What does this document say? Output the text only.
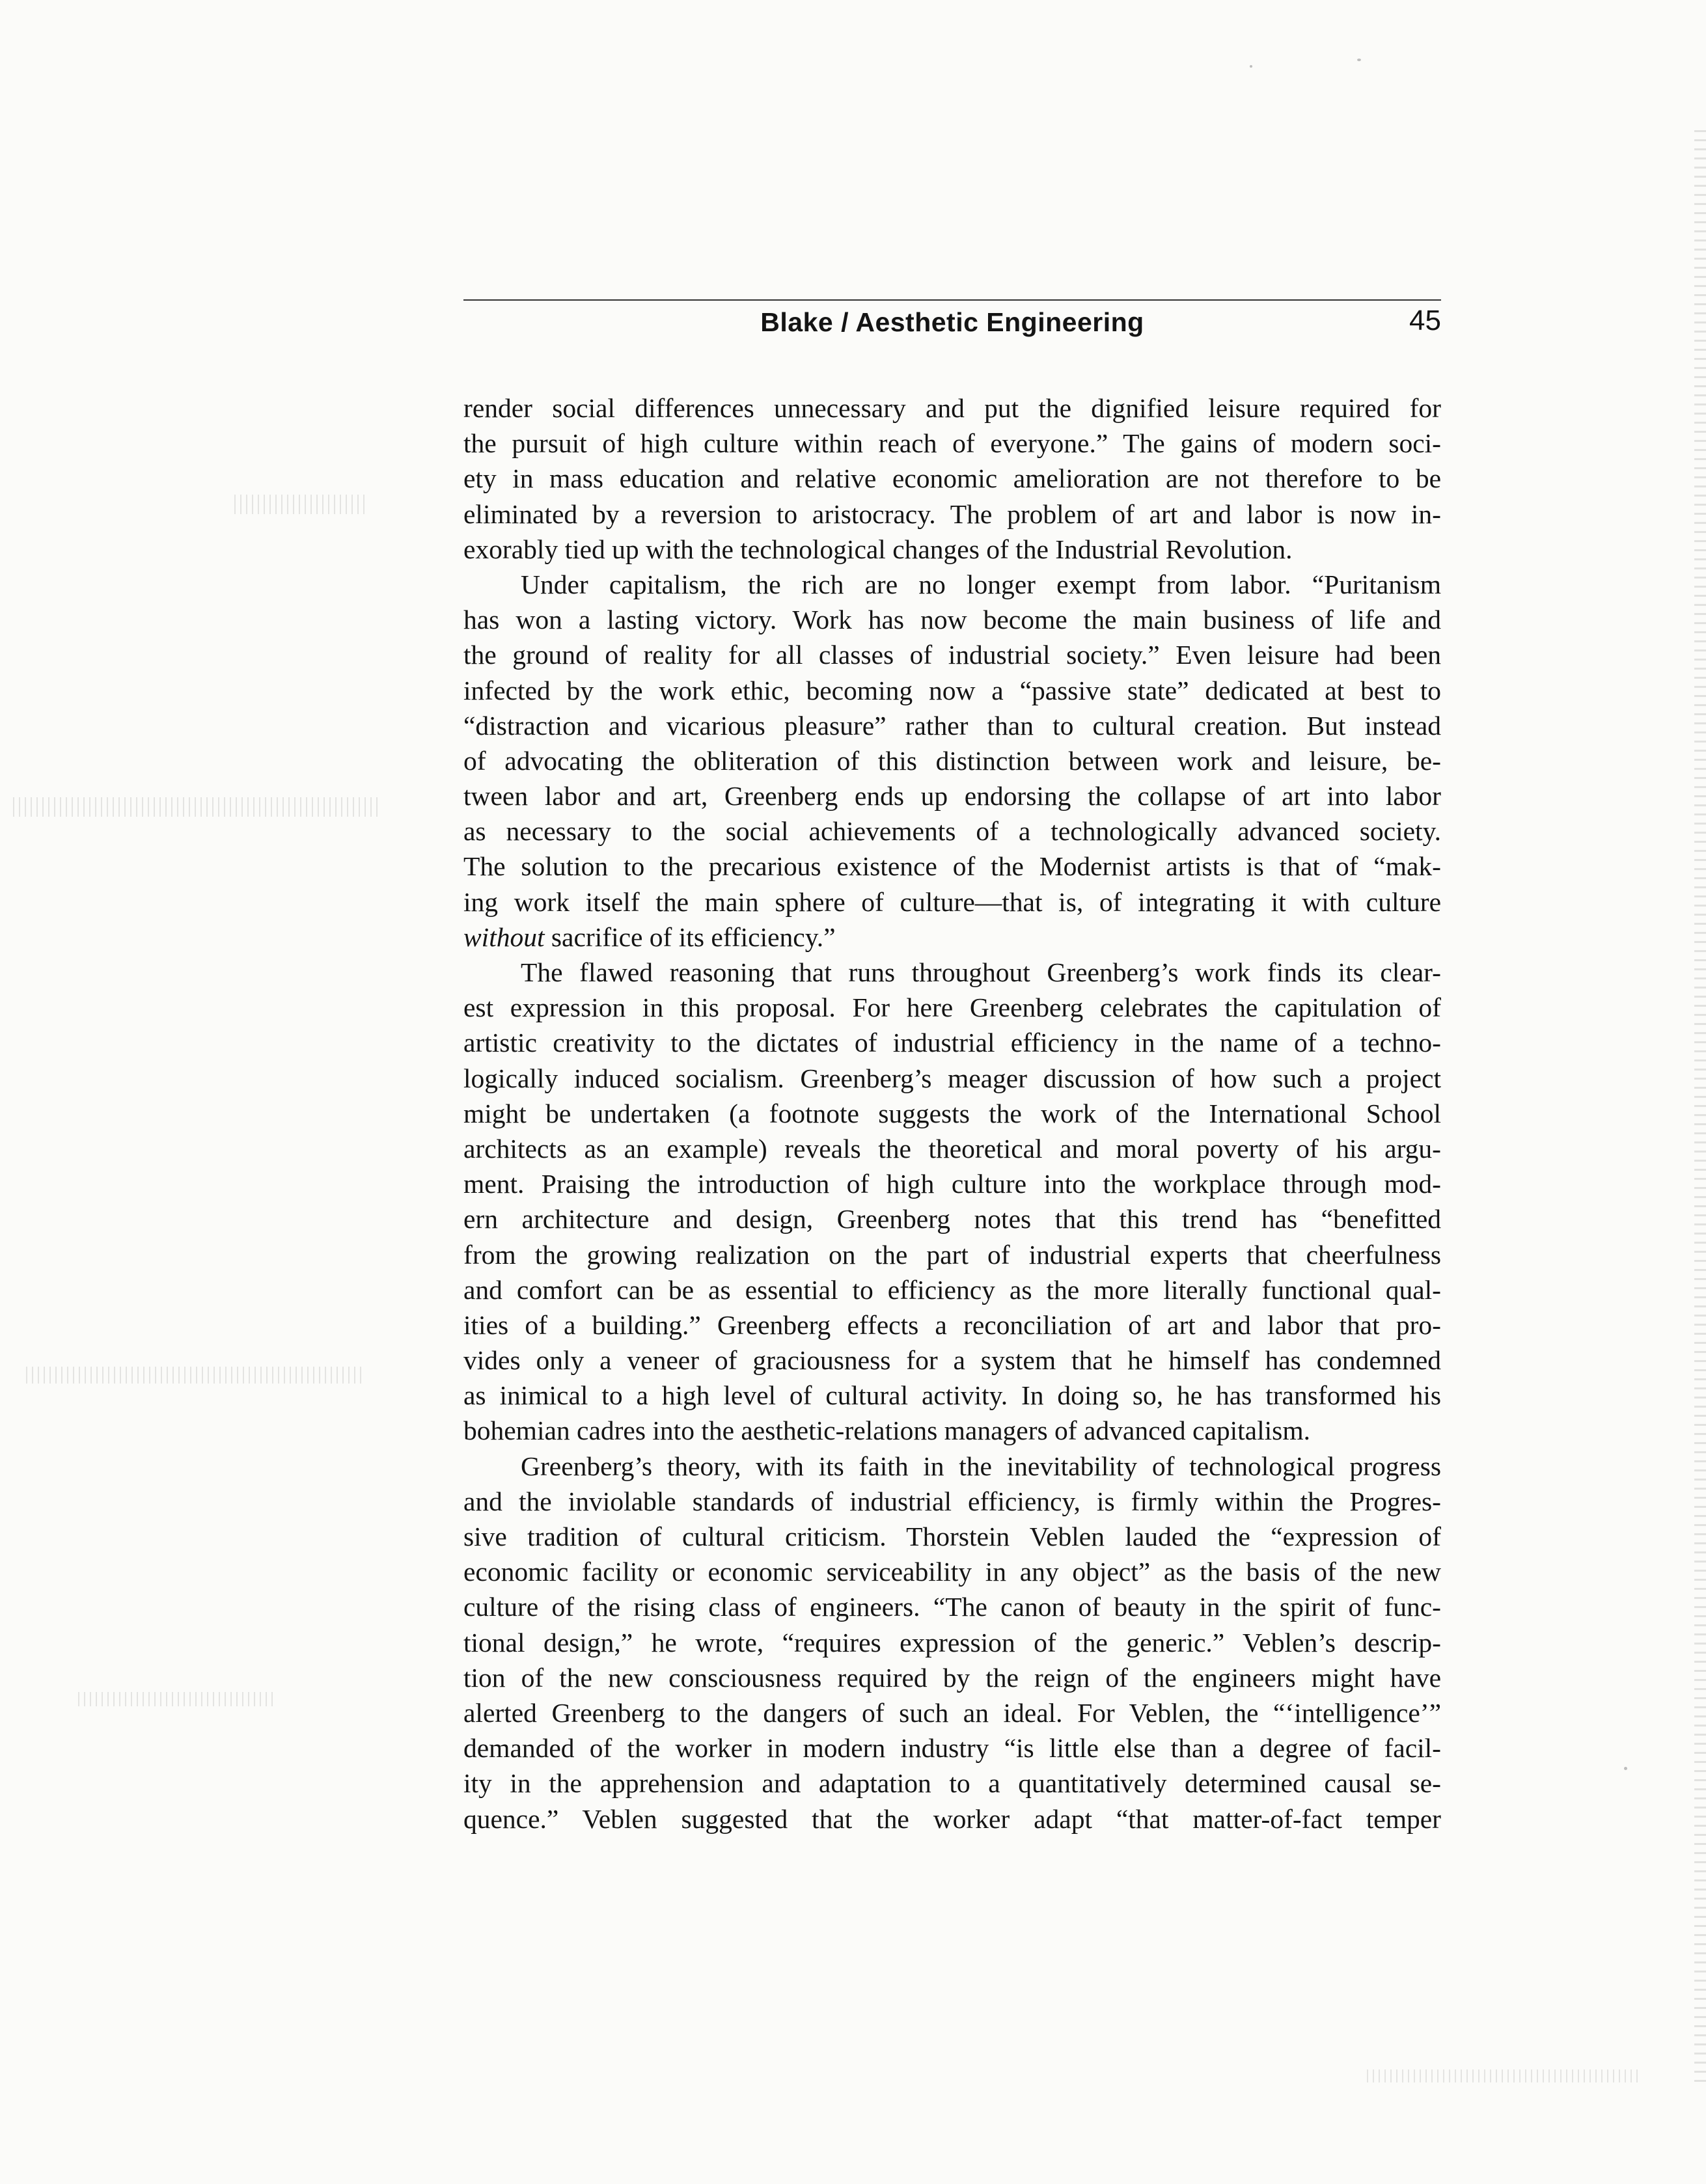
Blake / Aesthetic Engineering	45
render social differences unnecessary and put the dignified leisure required for
the pursuit of high culture within reach of everyone.” The gains of modern soci-
ety in mass education and relative economic amelioration are not therefore to be
eliminated by a reversion to aristocracy. The problem of art and labor is now in-
exorably tied up with the technological changes of the Industrial Revolution.
Under capitalism, the rich are no longer exempt from labor. “Puritanism
has won a lasting victory. Work has now become the main business of life and
the ground of reality for all classes of industrial society.” Even leisure had been
infected by the work ethic, becoming now a “passive state” dedicated at best to
“distraction and vicarious pleasure” rather than to cultural creation. But instead
of advocating the obliteration of this distinction between work and leisure, be-
tween labor and art, Greenberg ends up endorsing the collapse of art into labor
as necessary to the social achievements of a technologically advanced society.
The solution to the precarious existence of the Modernist artists is that of “mak-
ing work itself the main sphere of culture—that is, of integrating it with culture
without sacrifice of its efficiency.”
The flawed reasoning that runs throughout Greenberg’s work finds its clear-
est expression in this proposal. For here Greenberg celebrates the capitulation of
artistic creativity to the dictates of industrial efficiency in the name of a techno-
logically induced socialism. Greenberg’s meager discussion of how such a project
might be undertaken (a footnote suggests the work of the International School
architects as an example) reveals the theoretical and moral poverty of his argu-
ment. Praising the introduction of high culture into the workplace through mod-
ern architecture and design, Greenberg notes that this trend has “benefitted
from the growing realization on the part of industrial experts that cheerfulness
and comfort can be as essential to efficiency as the more literally functional qual-
ities of a building.” Greenberg effects a reconciliation of art and labor that pro-
vides only a veneer of graciousness for a system that he himself has condemned
as inimical to a high level of cultural activity. In doing so, he has transformed his
bohemian cadres into the aesthetic-relations managers of advanced capitalism.
Greenberg’s theory, with its faith in the inevitability of technological progress
and the inviolable standards of industrial efficiency, is firmly within the Progres-
sive tradition of cultural criticism. Thorstein Veblen lauded the “expression of
economic facility or economic serviceability in any object” as the basis of the new
culture of the rising class of engineers. “The canon of beauty in the spirit of func-
tional design,” he wrote, “requires expression of the generic.” Veblen’s descrip-
tion of the new consciousness required by the reign of the engineers might have
alerted Greenberg to the dangers of such an ideal. For Veblen, the “‘intelligence’”
demanded of the worker in modern industry “is little else than a degree of facil-
ity in the apprehension and adaptation to a quantitatively determined causal se-
quence.” Veblen suggested that the worker adapt “that matter-of-fact temper
